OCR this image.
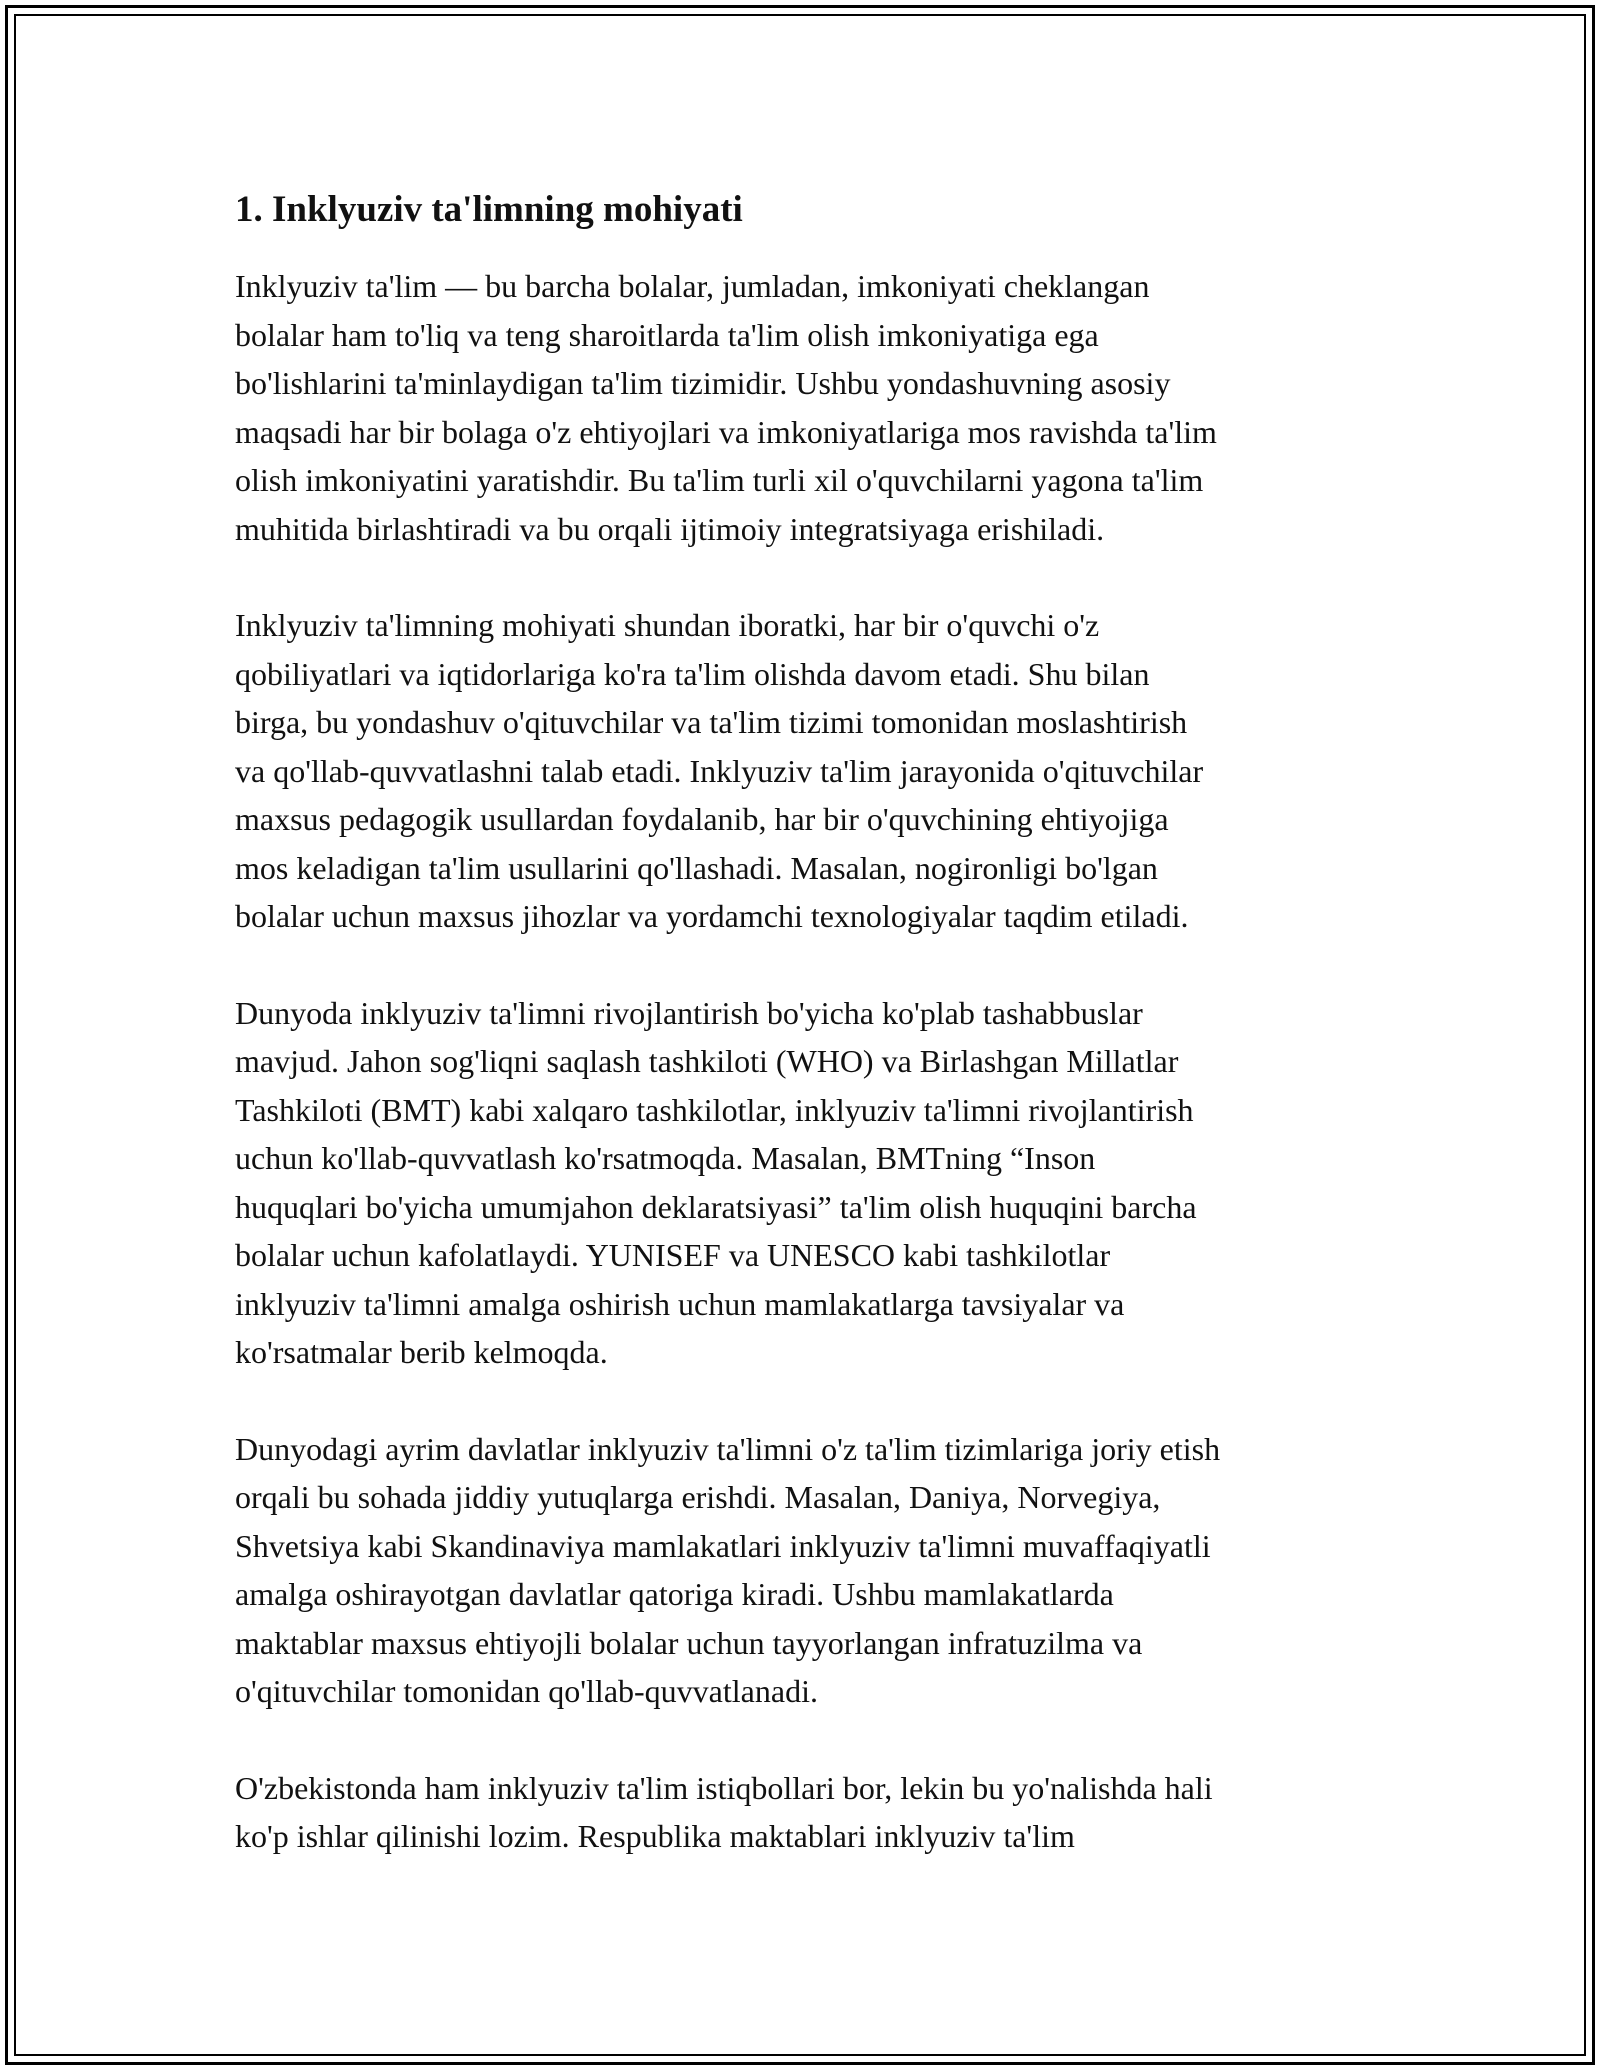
1. Inklyuziv ta'limning mohiyati

Inklyuziv ta'lim — bu barcha bolalar, jumladan, imkoniyati cheklangan
bolalar ham to'liq va teng sharoitlarda ta'lim olish imkoniyatiga ega
bo'lishlarini ta'minlaydigan ta'lim tizimidir. Ushbu yondashuvning asosiy
maqsadi har bir bolaga o'z ehtiyojlari va imkoniyatlariga mos ravishda ta'lim
olish imkoniyatini yaratishdir. Bu ta'lim turli xil o'quvchilarni yagona ta'lim
muhitida birlashtiradi va bu orqali ijtimoiy integratsiyaga erishiladi.

Inklyuziv ta'limning mohiyati shundan iboratki, har bir o'quvchi o'z
qobiliyatlari va iqtidorlariga ko'ra ta'lim olishda davom etadi. Shu bilan
birga, bu yondashuv o'qituvchilar va ta'lim tizimi tomonidan moslashtirish
va qo'llab-quvvatlashni talab etadi. Inklyuziv ta'lim jarayonida o'qituvchilar
maxsus pedagogik usullardan foydalanib, har bir o'quvchining ehtiyojiga
mos keladigan ta'lim usullarini qo'llashadi. Masalan, nogironligi bo'lgan
bolalar uchun maxsus jihozlar va yordamchi texnologiyalar taqdim etiladi.

Dunyoda inklyuziv ta'limni rivojlantirish bo'yicha ko'plab tashabbuslar
mavjud. Jahon sog'liqni saqlash tashkiloti (WHO) va Birlashgan Millatlar
Tashkiloti (BMT) kabi xalqaro tashkilotlar, inklyuziv ta'limni rivojlantirish
uchun ko'llab-quvvatlash ko'rsatmoqda. Masalan, BMTning “Inson
huquqlari bo'yicha umumjahon deklaratsiyasi” ta'lim olish huquqini barcha
bolalar uchun kafolatlaydi. YUNISEF va UNESCO kabi tashkilotlar
inklyuziv ta'limni amalga oshirish uchun mamlakatlarga tavsiyalar va
ko'rsatmalar berib kelmoqda.

Dunyodagi ayrim davlatlar inklyuziv ta'limni o'z ta'lim tizimlariga joriy etish
orqali bu sohada jiddiy yutuqlarga erishdi. Masalan, Daniya, Norvegiya,
Shvetsiya kabi Skandinaviya mamlakatlari inklyuziv ta'limni muvaffaqiyatli
amalga oshirayotgan davlatlar qatoriga kiradi. Ushbu mamlakatlarda
maktablar maxsus ehtiyojli bolalar uchun tayyorlangan infratuzilma va
o'qituvchilar tomonidan qo'llab-quvvatlanadi.

O'zbekistonda ham inklyuziv ta'lim istiqbollari bor, lekin bu yo'nalishda hali
ko'p ishlar qilinishi lozim. Respublika maktablari inklyuziv ta'lim
